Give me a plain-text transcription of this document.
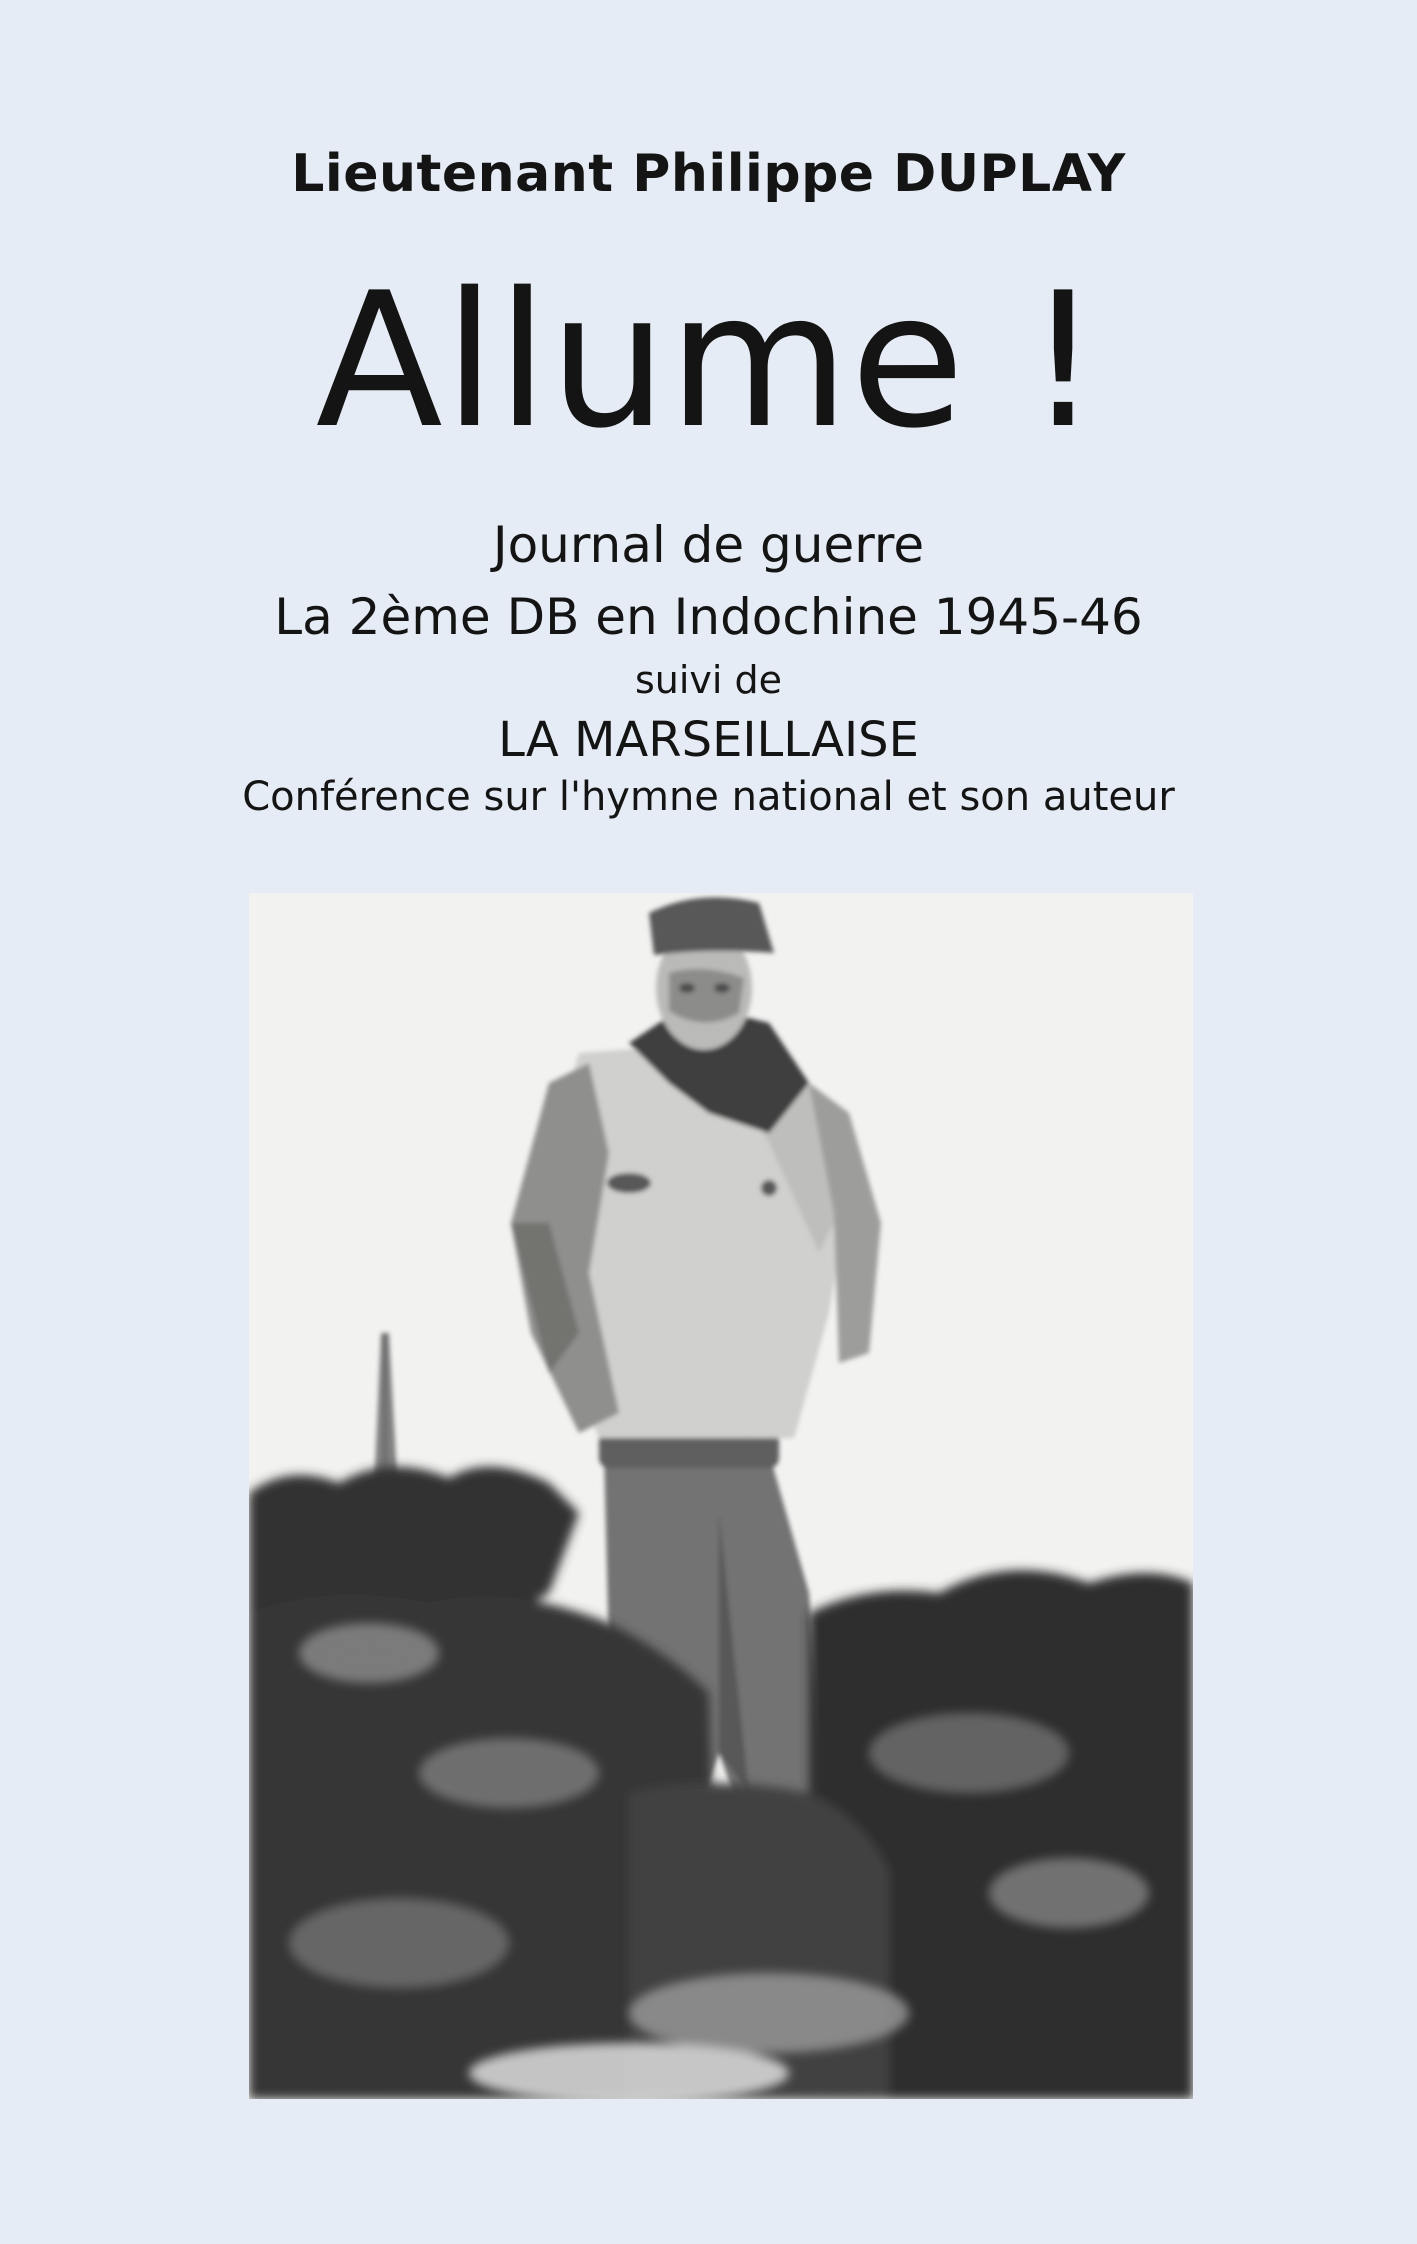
Lieutenant Philippe DUPLAY
Allume !
Journal de guerre
La 2ème DB en Indochine 1945-46
suivi de
LA MARSEILLAISE
Conférence sur l'hymne national et son auteur
